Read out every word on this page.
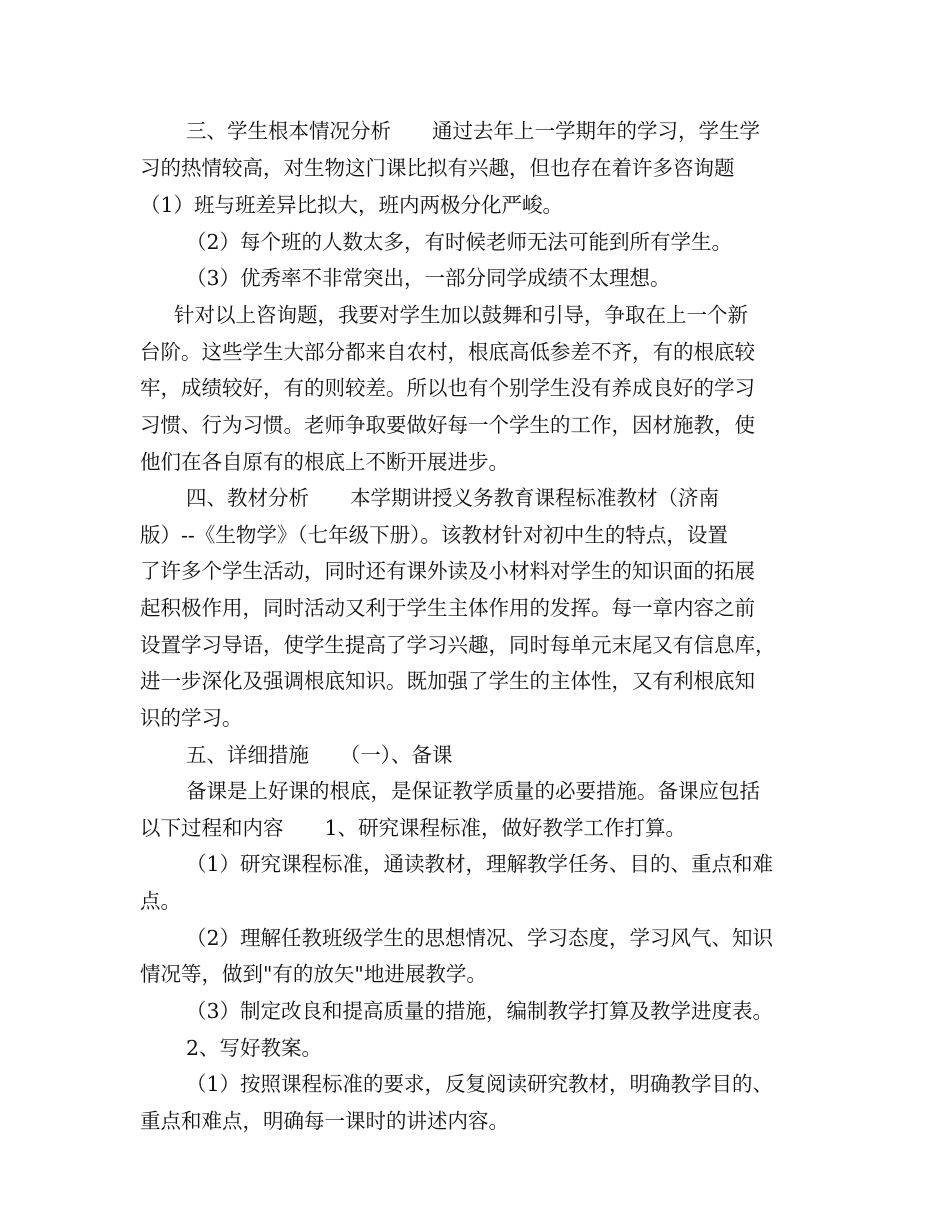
三、学生根本情况分析　　通过去年上一学期年的学习，学生学

习的热情较高，对生物这门课比拟有兴趣，但也存在着许多咨询题

（1）班与班差异比拟大，班内两极分化严峻。

（2）每个班的人数太多，有时候老师无法可能到所有学生。

（3）优秀率不非常突出，一部分同学成绩不太理想。

针对以上咨询题，我要对学生加以鼓舞和引导，争取在上一个新

台阶。这些学生大部分都来自农村，根底高低参差不齐，有的根底较

牢，成绩较好，有的则较差。所以也有个别学生没有养成良好的学习

习惯、行为习惯。老师争取要做好每一个学生的工作，因材施教，使

他们在各自原有的根底上不断开展进步。

四、教材分析　　本学期讲授义务教育课程标准教材（济南

版）--《生物学》（七年级下册）。该教材针对初中生的特点，设置

了许多个学生活动，同时还有课外读及小材料对学生的知识面的拓展

起积极作用，同时活动又利于学生主体作用的发挥。每一章内容之前

设置学习导语，使学生提高了学习兴趣，同时每单元末尾又有信息库，

进一步深化及强调根底知识。既加强了学生的主体性，又有利根底知

识的学习。

五、详细措施　　（一）、备课

备课是上好课的根底，是保证教学质量的必要措施。备课应包括

以下过程和内容　　1、研究课程标准，做好教学工作打算。

（1）研究课程标准，通读教材，理解教学任务、目的、重点和难

点。

（2）理解任教班级学生的思想情况、学习态度，学习风气、知识

情况等，做到"有的放矢"地进展教学。

（3）制定改良和提高质量的措施，编制教学打算及教学进度表。

2、写好教案。

（1）按照课程标准的要求，反复阅读研究教材，明确教学目的、

重点和难点，明确每一课时的讲述内容。
